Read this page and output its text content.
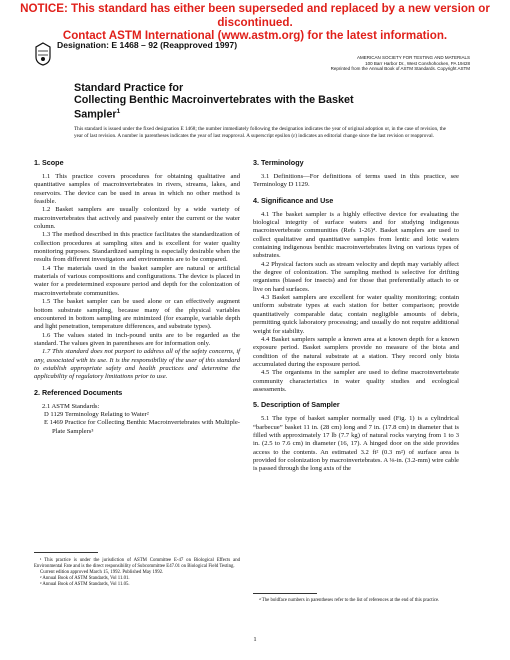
NOTICE: This standard has either been superseded and replaced by a new version or discontinued.
Contact ASTM International (www.astm.org) for the latest information.
Designation: E 1468 – 92 (Reapproved 1997)
AMERICAN SOCIETY FOR TESTING AND MATERIALS
100 Barr Harbor Dr., West Conshohocken, PA 19428
Reprinted from the Annual Book of ASTM Standards. Copyright ASTM
Standard Practice for
Collecting Benthic Macroinvertebrates with the Basket
Sampler$^1$
This standard is issued under the fixed designation E 1468; the number immediately following the designation indicates the year of original adoption or, in the case of revision, the year of last revision. A number in parentheses indicates the year of last reapproval. A superscript epsilon (ε) indicates an editorial change since the last revision or reapproval.
1. Scope

1.1 This practice covers procedures for obtaining qualitative and quantitative samples of macroinvertebrates in rivers, streams, lakes, and reservoirs. The device can be used in areas in which no other method is feasible.

1.2 Basket samplers are usually colonized by a wide variety of macroinvertebrates that actively and passively enter the current or the water column.

1.3 The method described in this practice facilitates the standardization of collection procedures at sampling sites and is excellent for water quality monitoring purposes. Standardized sampling is especially desirable when the results from different investigators and environments are to be compared.

1.4 The materials used in the basket sampler are natural or artificial materials of various compositions and configurations. The device is placed in water for a predetermined exposure period and depth for the colonization of macroinvertebrate communities.

1.5 The basket sampler can be used alone or can effectively augment bottom substrate sampling, because many of the physical variables encountered in bottom sampling are minimized (for example, variable depth and light penetration, temperature differences, and substrate types).

1.6 The values stated in inch-pound units are to be regarded as the standard. The values given in parentheses are for information only.

1.7 This standard does not purport to address all of the safety concerns, if any, associated with its use. It is the responsibility of the user of this standard to establish appropriate safety and health practices and determine the applicability of regulatory limitations prior to use.

2. Referenced Documents

2.1 ASTM Standards:

D 1129 Terminology Relating to Water²

E 1469 Practice for Collecting Benthic Macroinvertebrates with Multiple-Plate Samplers³

3. Terminology

3.1 Definitions—For definitions of terms used in this practice, see Terminology D 1129.

4. Significance and Use

4.1 The basket sampler is a highly effective device for evaluating the biological integrity of surface waters and for studying indigenous macroinvertebrate communities (Refs 1-26)⁴. Basket samplers are used to collect qualitative and quantitative samples from lentic and lotic waters containing indigenous benthic macroinvertebrates living on various types of substrates.

4.2 Physical factors such as stream velocity and depth may variably affect the degree of colonization. The sampling method is selective for drifting organisms (biased for insects) and for those that preferentially attach to or live on hard surfaces.

4.3 Basket samplers are excellent for water quality monitoring; contain uniform substrate types at each station for better comparison; provide quantitatively comparable data; contain negligible amounts of debris, permitting quick laboratory processing; and usually do not require additional weight for stability.

4.4 Basket samplers sample a known area at a known depth for a known exposure period. Basket samplers provide no measure of the biota and condition of the natural substrate at a station. They record only biota accumulated during the exposure period.

4.5 The organisms in the sampler are used to define macroinvertebrate community characteristics in water quality studies and ecological assessments.

5. Description of Sampler

5.1 The type of basket sampler normally used (Fig. 1) is a cylindrical “barbecue” basket 11 in. (28 cm) long and 7 in. (17.8 cm) in diameter that is filled with approximately 17 lb (7.7 kg) of natural rocks varying from 1 to 3 in. (2.5 to 7.6 cm) in diameter (16, 17). A hinged door on the side provides access to the contents. An estimated 3.2 ft² (0.3 m²) of surface area is provided for colonization by macroinvertebrates. A ⅛-in. (3.2-mm) wire cable is passed through the long axis of the

¹ This practice is under the jurisdiction of ASTM Committee E-47 on Biological Effects and Environmental Fate and is the direct responsibility of Subcommittee E47.01 on Biological Field Testing.

Current edition approved March 15, 1992. Published May 1992.

² Annual Book of ASTM Standards, Vol 11.01.

³ Annual Book of ASTM Standards, Vol 11.05.

⁴ The boldface numbers in parentheses refer to the list of references at the end of this practice.

1
